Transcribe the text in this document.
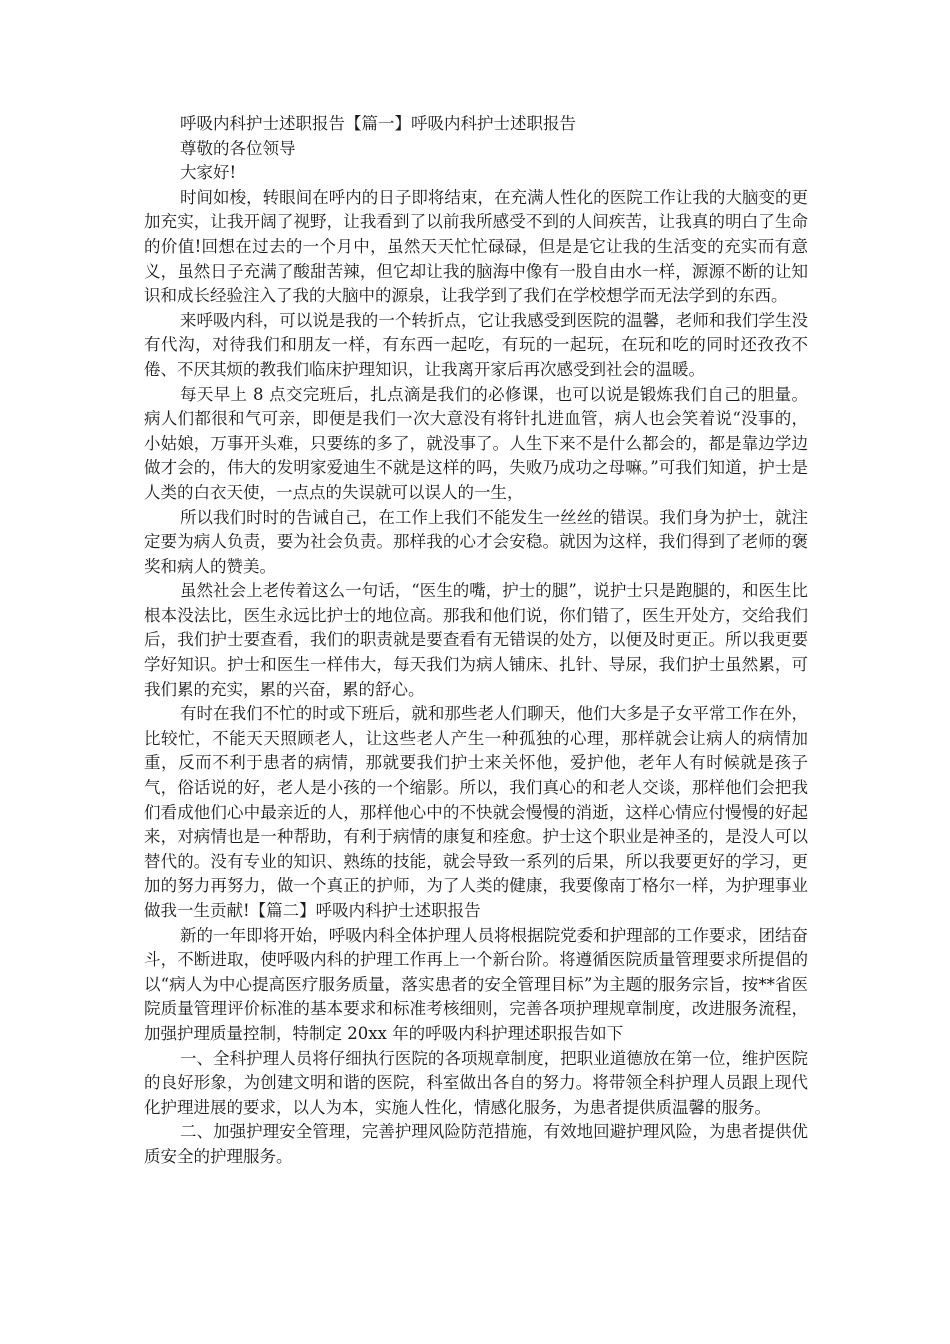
呼吸内科护士述职报告【篇一】呼吸内科护士述职报告
尊敬的各位领导
大家好!

时间如梭，转眼间在呼内的日子即将结束，在充满人性化的医院工作让我的大脑变的更加充实，让我开阔了视野，让我看到了以前我所感受不到的人间疾苦，让我真的明白了生命的价值!回想在过去的一个月中，虽然天天忙忙碌碌，但是是它让我的生活变的充实而有意义，虽然日子充满了酸甜苦辣，但它却让我的脑海中像有一股自由水一样，源源不断的让知识和成长经验注入了我的大脑中的源泉，让我学到了我们在学校想学而无法学到的东西。

来呼吸内科，可以说是我的一个转折点，它让我感受到医院的温馨，老师和我们学生没有代沟，对待我们和朋友一样，有东西一起吃，有玩的一起玩，在玩和吃的同时还孜孜不倦、不厌其烦的教我们临床护理知识，让我离开家后再次感受到社会的温暖。

每天早上 8 点交完班后，扎点滴是我们的必修课，也可以说是锻炼我们自己的胆量。病人们都很和气可亲，即便是我们一次大意没有将针扎进血管，病人也会笑着说“没事的，小姑娘，万事开头难，只要练的多了，就没事了。人生下来不是什么都会的，都是靠边学边做才会的，伟大的发明家爱迪生不就是这样的吗，失败乃成功之母嘛。”可我们知道，护士是人类的白衣天使，一点点的失误就可以误人的一生，

所以我们时时的告诫自己，在工作上我们不能发生一丝丝的错误。我们身为护士，就注定要为病人负责，要为社会负责。那样我的心才会安稳。就因为这样，我们得到了老师的褒奖和病人的赞美。

虽然社会上老传着这么一句话，“医生的嘴，护士的腿”，说护士只是跑腿的，和医生比根本没法比，医生永远比护士的地位高。那我和他们说，你们错了，医生开处方，交给我们后，我们护士要查看，我们的职责就是要查看有无错误的处方，以便及时更正。所以我更要学好知识。护士和医生一样伟大，每天我们为病人铺床、扎针、导尿，我们护士虽然累，可我们累的充实，累的兴奋，累的舒心。

有时在我们不忙的时或下班后，就和那些老人们聊天，他们大多是子女平常工作在外，比较忙，不能天天照顾老人，让这些老人产生一种孤独的心理，那样就会让病人的病情加重，反而不利于患者的病情，那就要我们护士来关怀他，爱护他，老年人有时候就是孩子气，俗话说的好，老人是小孩的一个缩影。所以，我们真心的和老人交谈，那样他们会把我们看成他们心中最亲近的人，那样他心中的不快就会慢慢的消逝，这样心情应付慢慢的好起来，对病情也是一种帮助，有利于病情的康复和痊愈。护士这个职业是神圣的，是没人可以替代的。没有专业的知识、熟练的技能，就会导致一系列的后果，所以我要更好的学习，更加的努力再努力，做一个真正的护师，为了人类的健康，我要像南丁格尔一样，为护理事业做我一生贡献!【篇二】呼吸内科护士述职报告

新的一年即将开始，呼吸内科全体护理人员将根据院党委和护理部的工作要求，团结奋斗，不断进取，使呼吸内科的护理工作再上一个新台阶。将遵循医院质量管理要求所提倡的以“病人为中心提高医疗服务质量，落实患者的安全管理目标”为主题的服务宗旨，按**省医院质量管理评价标准的基本要求和标准考核细则，完善各项护理规章制度，改进服务流程，加强护理质量控制，特制定 20xx 年的呼吸内科护理述职报告如下

一、全科护理人员将仔细执行医院的各项规章制度，把职业道德放在第一位，维护医院的良好形象，为创建文明和谐的医院，科室做出各自的努力。将带领全科护理人员跟上现代化护理进展的要求，以人为本，实施人性化，情感化服务，为患者提供质温馨的服务。

二、加强护理安全管理，完善护理风险防范措施，有效地回避护理风险，为患者提供优质安全的护理服务。
